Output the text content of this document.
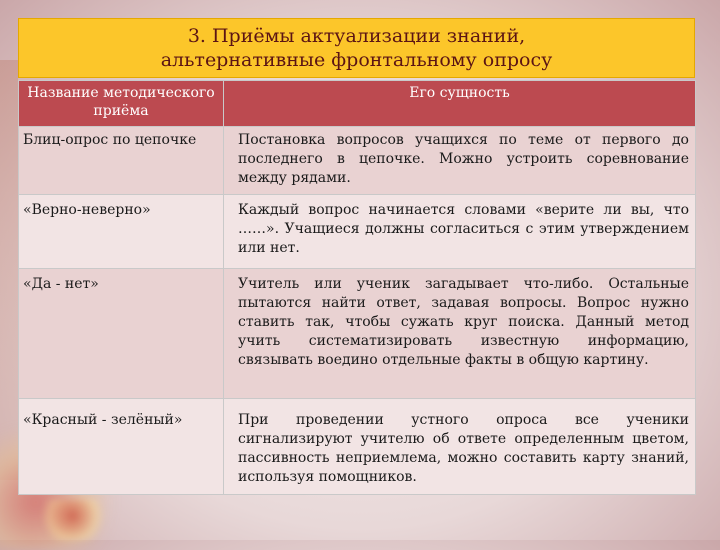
3. Приёмы актуализации знаний,
альтернативные фронтальному опросу
Название методического приёма	Его сущность
Блиц-опрос по цепочке	Постановка вопросов учащихся по теме от первого до последнего в цепочке. Можно устроить соревнование между рядами.
«Верно-неверно»	Каждый вопрос начинается словами «верите ли вы, что ……». Учащиеся должны согласиться с этим утверждением или нет.
«Да - нет»	Учитель или ученик загадывает что-либо. Остальные пытаются найти ответ, задавая вопросы. Вопрос нужно ставить так, чтобы сужать круг поиска. Данный метод учить систематизировать известную информацию, связывать воедино отдельные факты в общую картину.
«Красный - зелёный»	При проведении устного опроса все ученики сигнализируют учителю об ответе определенным цветом, пассивность неприемлема, можно составить карту знаний, используя помощников.
